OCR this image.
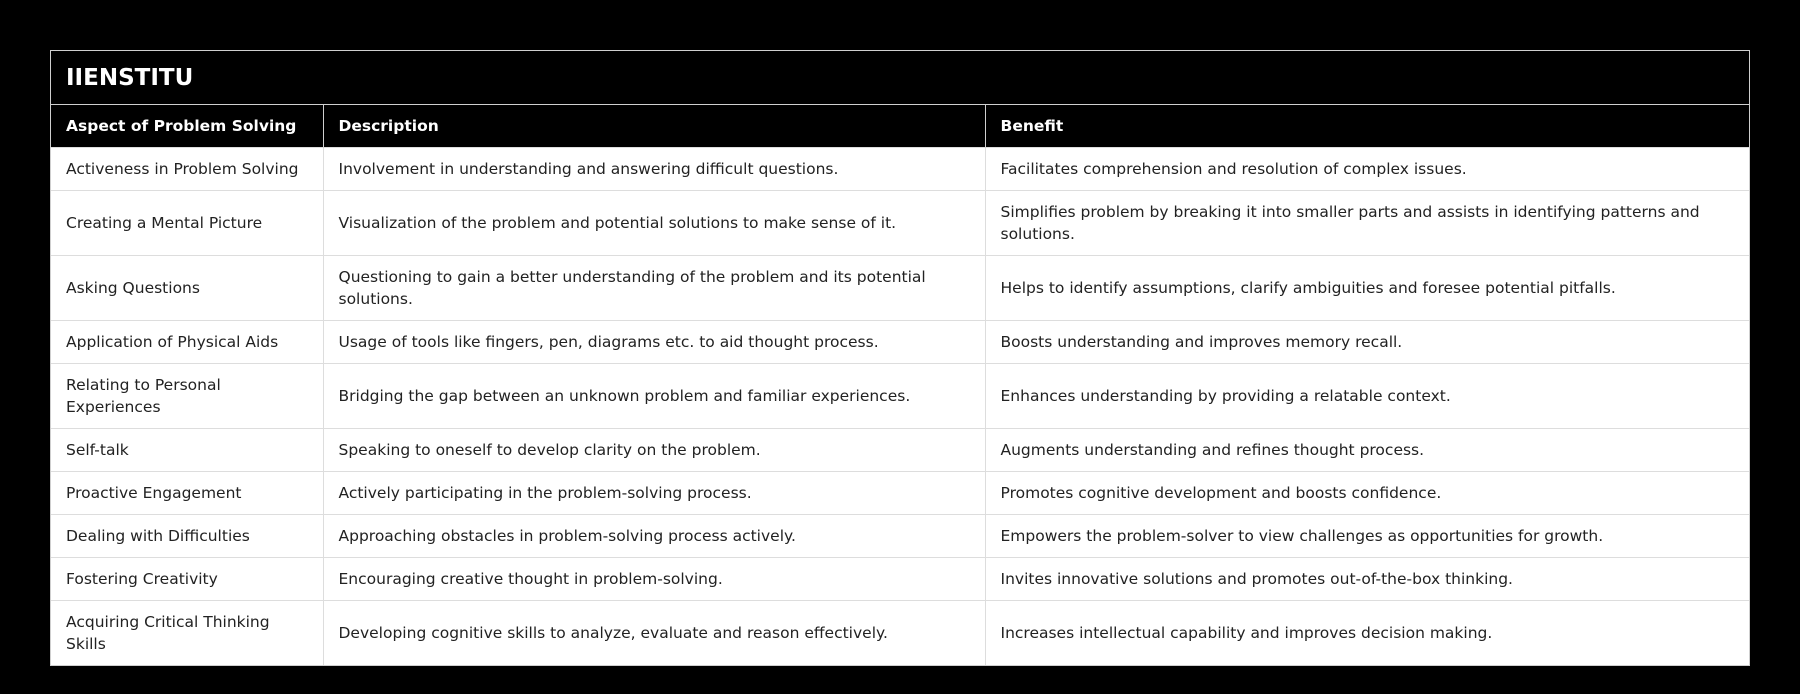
IIENSTITU
Aspect of Problem Solving	Description	Benefit
Activeness in Problem Solving	Involvement in understanding and answering difficult questions.	Facilitates comprehension and resolution of complex issues.
Creating a Mental Picture	Visualization of the problem and potential solutions to make sense of it.	Simplifies problem by breaking it into smaller parts and assists in identifying patterns and solutions.
Asking Questions	Questioning to gain a better understanding of the problem and its potential solutions.	Helps to identify assumptions, clarify ambiguities and foresee potential pitfalls.
Application of Physical Aids	Usage of tools like fingers, pen, diagrams etc. to aid thought process.	Boosts understanding and improves memory recall.
Relating to Personal Experiences	Bridging the gap between an unknown problem and familiar experiences.	Enhances understanding by providing a relatable context.
Self-talk	Speaking to oneself to develop clarity on the problem.	Augments understanding and refines thought process.
Proactive Engagement	Actively participating in the problem-solving process.	Promotes cognitive development and boosts confidence.
Dealing with Difficulties	Approaching obstacles in problem-solving process actively.	Empowers the problem-solver to view challenges as opportunities for growth.
Fostering Creativity	Encouraging creative thought in problem-solving.	Invites innovative solutions and promotes out-of-the-box thinking.
Acquiring Critical Thinking Skills	Developing cognitive skills to analyze, evaluate and reason effectively.	Increases intellectual capability and improves decision making.
